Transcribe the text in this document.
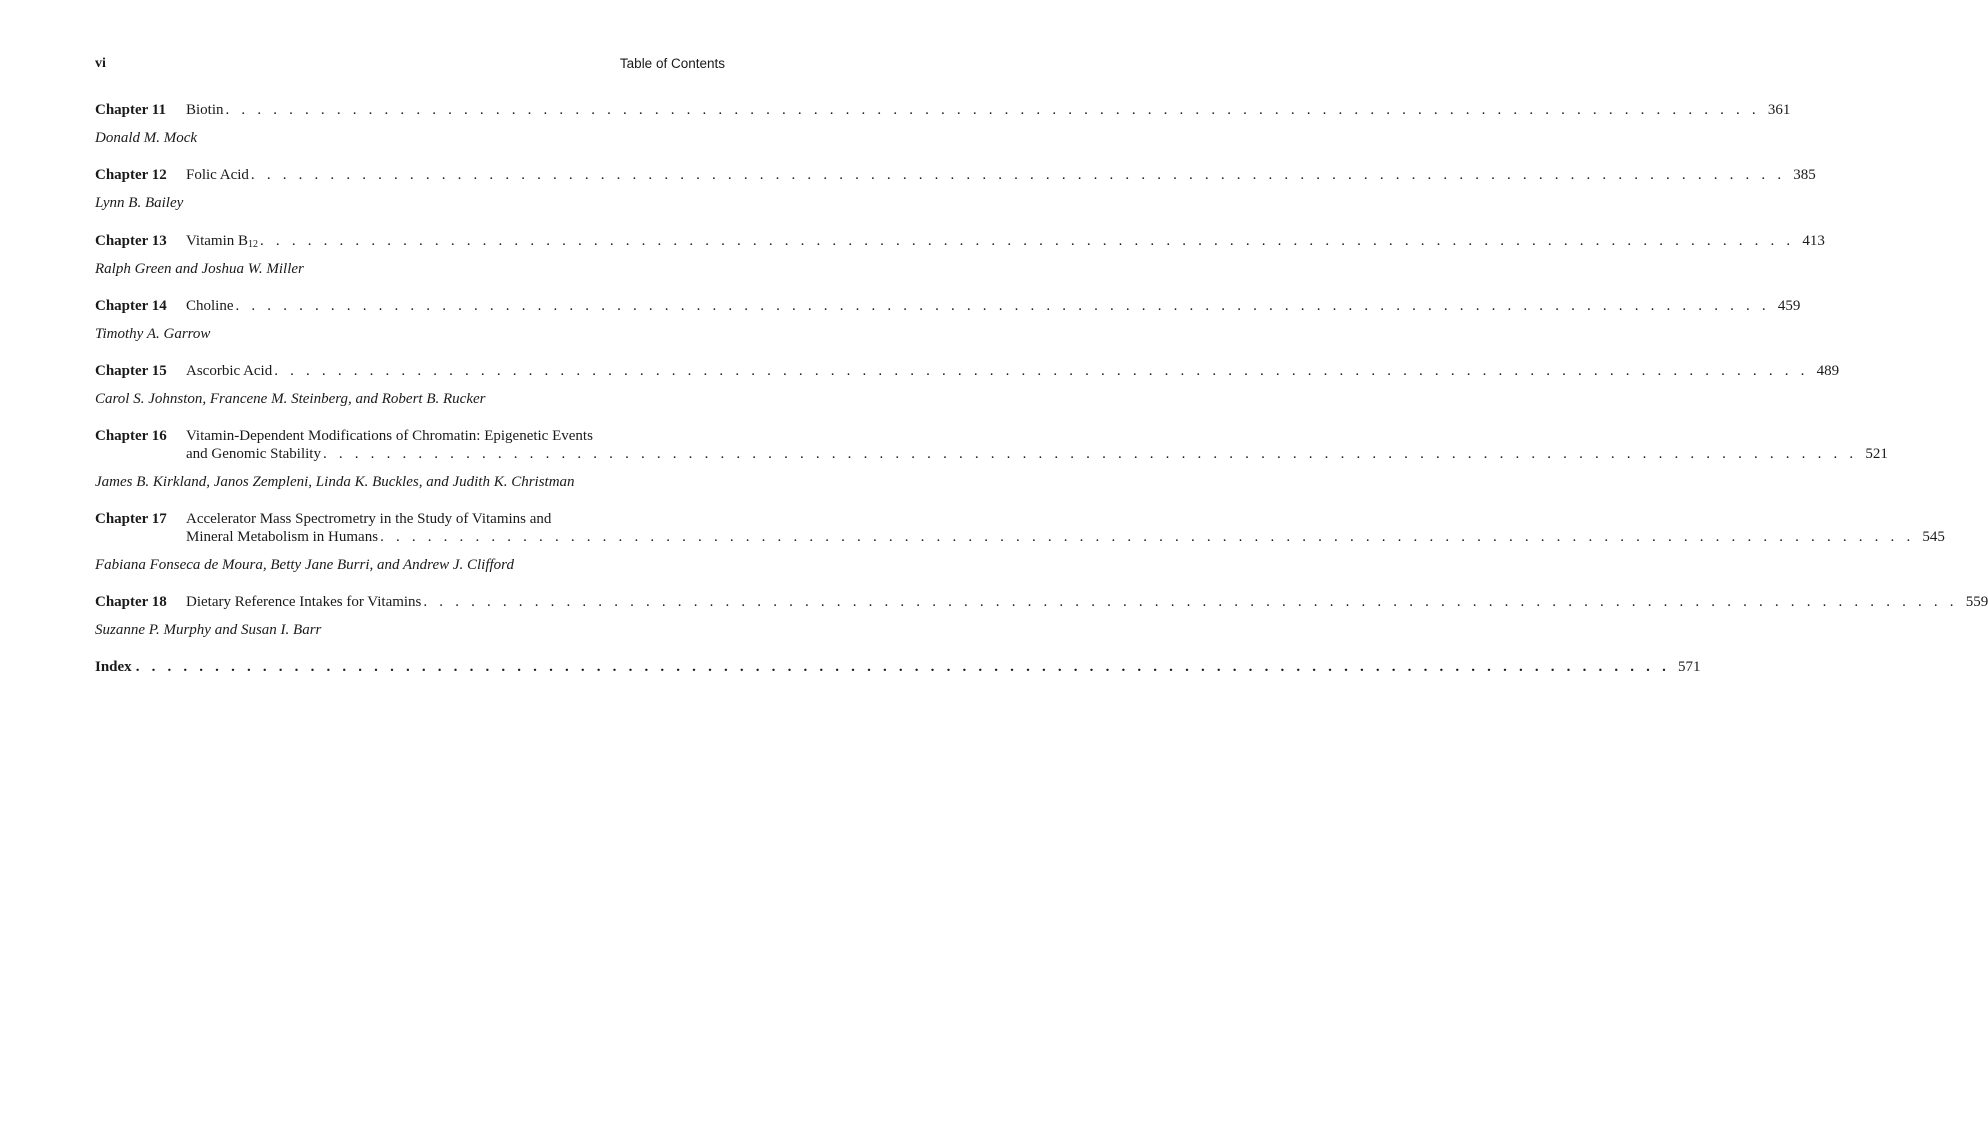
vi	Table of Contents
Chapter 11 Biotin . . . . . . . . . . . . . . . . . . . . . . . . . . . . . . . . . . . . . . . . . . . . . . . . . . . . . . . . . . . . . . . . . . . . . . . . . . . . . . . . . . . . . . . . . . . . . . . . . 361
Donald M. Mock
Chapter 12 Folic Acid . . . . . . . . . . . . . . . . . . . . . . . . . . . . . . . . . . . . . . . . . . . . . . . . . . . . . . . . . . . . . . . . . . . . . . . . . . . . . . . . . . . . . . . . . . . . . . . . . 385
Lynn B. Bailey
Chapter 13 Vitamin $B_{12}$ . . . . . . . . . . . . . . . . . . . . . . . . . . . . . . . . . . . . . . . . . . . . . . . . . . . . . . . . . . . . . . . . . . . . . . . . . . . . . . . . . . . . . . . . . . . . . . . . . 413
Ralph Green and Joshua W. Miller
Chapter 14 Choline . . . . . . . . . . . . . . . . . . . . . . . . . . . . . . . . . . . . . . . . . . . . . . . . . . . . . . . . . . . . . . . . . . . . . . . . . . . . . . . . . . . . . . . . . . . . . . . . . 459
Timothy A. Garrow
Chapter 15 Ascorbic Acid . . . . . . . . . . . . . . . . . . . . . . . . . . . . . . . . . . . . . . . . . . . . . . . . . . . . . . . . . . . . . . . . . . . . . . . . . . . . . . . . . . . . . . . . . . . . . . . . . 489
Carol S. Johnston, Francene M. Steinberg, and Robert B. Rucker
Chapter 16 Vitamin-Dependent Modifications of Chromatin: Epigenetic Events
and Genomic Stability . . . . . . . . . . . . . . . . . . . . . . . . . . . . . . . . . . . . . . . . . . . . . . . . . . . . . . . . . . . . . . . . . . . . . . . . . . . . . . . . . . . . . . . . . . . . . . . . . 521
James B. Kirkland, Janos Zempleni, Linda K. Buckles, and Judith K. Christman
Chapter 17 Accelerator Mass Spectrometry in the Study of Vitamins and
Mineral Metabolism in Humans . . . . . . . . . . . . . . . . . . . . . . . . . . . . . . . . . . . . . . . . . . . . . . . . . . . . . . . . . . . . . . . . . . . . . . . . . . . . . . . . . . . . . . . . . . . . . . . . . 545
Fabiana Fonseca de Moura, Betty Jane Burri, and Andrew J. Clifford
Chapter 18 Dietary Reference Intakes for Vitamins . . . . . . . . . . . . . . . . . . . . . . . . . . . . . . . . . . . . . . . . . . . . . . . . . . . . . . . . . . . . . . . . . . . . . . . . . . . . . . . . . . . . . . . . . . . . . . . . . 559
Suzanne P. Murphy and Susan I. Barr
Index . . . . . . . . . . . . . . . . . . . . . . . . . . . . . . . . . . . . . . . . . . . . . . . . . . . . . . . . . . . . . . . . . . . . . . . . . . . . . . . . . . . . . . . . . . . . . . . . . 571
